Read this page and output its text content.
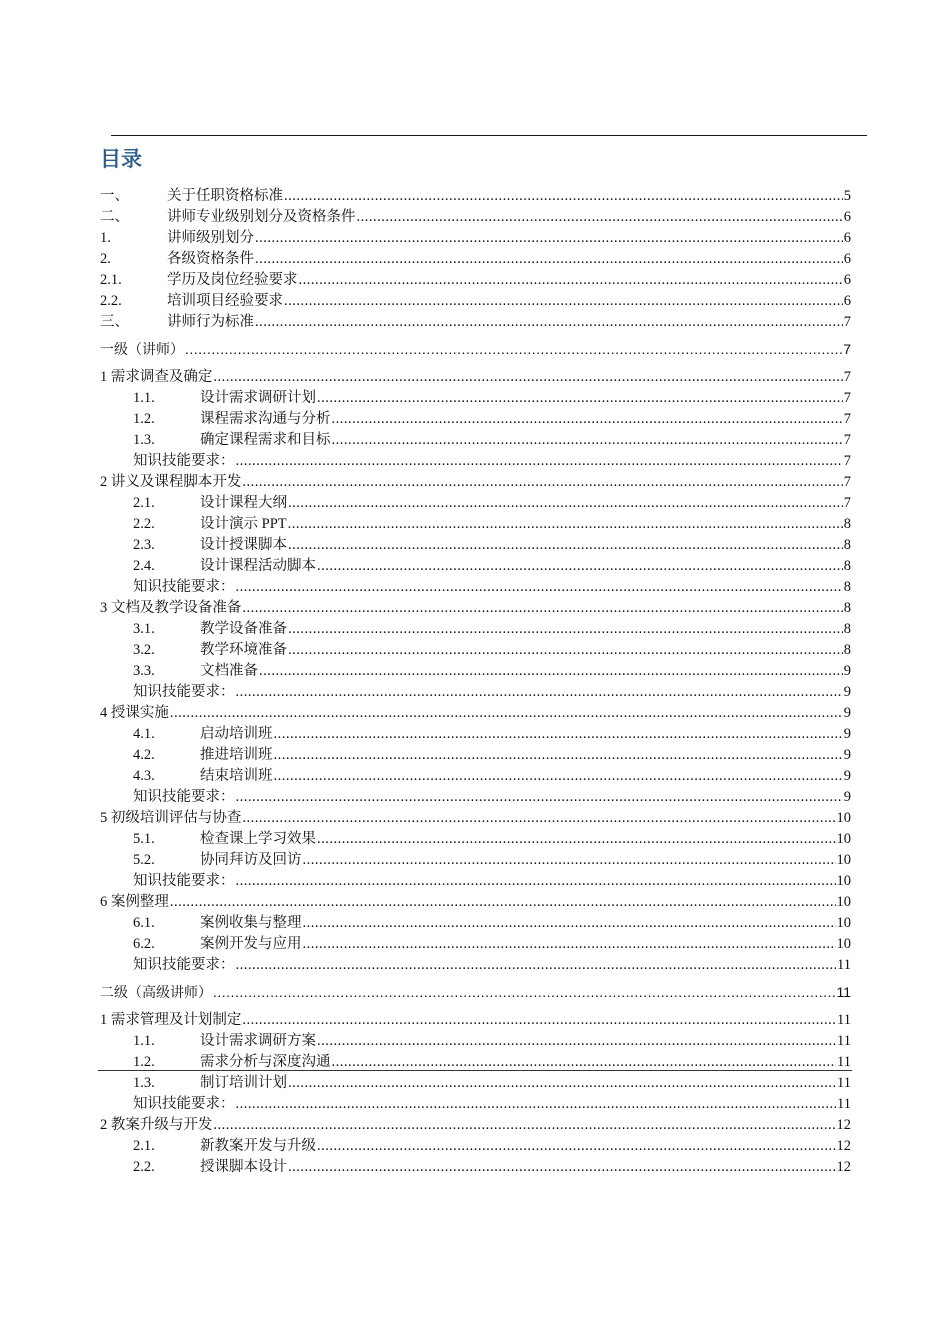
目录
一、	关于任职资格标准 .....	5
二、	讲师专业级别划分及资格条件 .....	6
1.	讲师级别划分 .....	6
2.	各级资格条件 .....	6
2.1.	学历及岗位经验要求 .....	6
2.2.	培训项目经验要求 .....	6
三、	讲师行为标准 .....	7
一级（讲师） .....	7
1 需求调查及确定 .....	7
1.1.	设计需求调研计划 .....	7
1.2.	课程需求沟通与分析 .....	7
1.3.	确定课程需求和目标 .....	7
知识技能要求： .....	7
2 讲义及课程脚本开发 .....	7
2.1.	设计课程大纲 .....	7
2.2.	设计演示 PPT .....	8
2.3.	设计授课脚本 .....	8
2.4.	设计课程活动脚本 .....	8
知识技能要求： .....	8
3 文档及教学设备准备 .....	8
3.1.	教学设备准备 .....	8
3.2.	教学环境准备 .....	8
3.3.	文档准备 .....	9
知识技能要求： .....	9
4 授课实施 .....	9
4.1.	启动培训班 .....	9
4.2.	推进培训班 .....	9
4.3.	结束培训班 .....	9
知识技能要求： .....	9
5 初级培训评估与协查 .....	10
5.1.	检查课上学习效果 .....	10
5.2.	协同拜访及回访 .....	10
知识技能要求： .....	10
6 案例整理 .....	10
6.1.	案例收集与整理 .....	10
6.2.	案例开发与应用 .....	10
知识技能要求： .....	11
二级（高级讲师） .....	11
1 需求管理及计划制定 .....	11
1.1.	设计需求调研方案 .....	11
1.2.	需求分析与深度沟通 .....	11
1.3.	制订培训计划 .....	11
知识技能要求： .....	11
2 教案升级与开发 .....	12
2.1.	新教案开发与升级 .....	12
2.2.	授课脚本设计 .....	12
